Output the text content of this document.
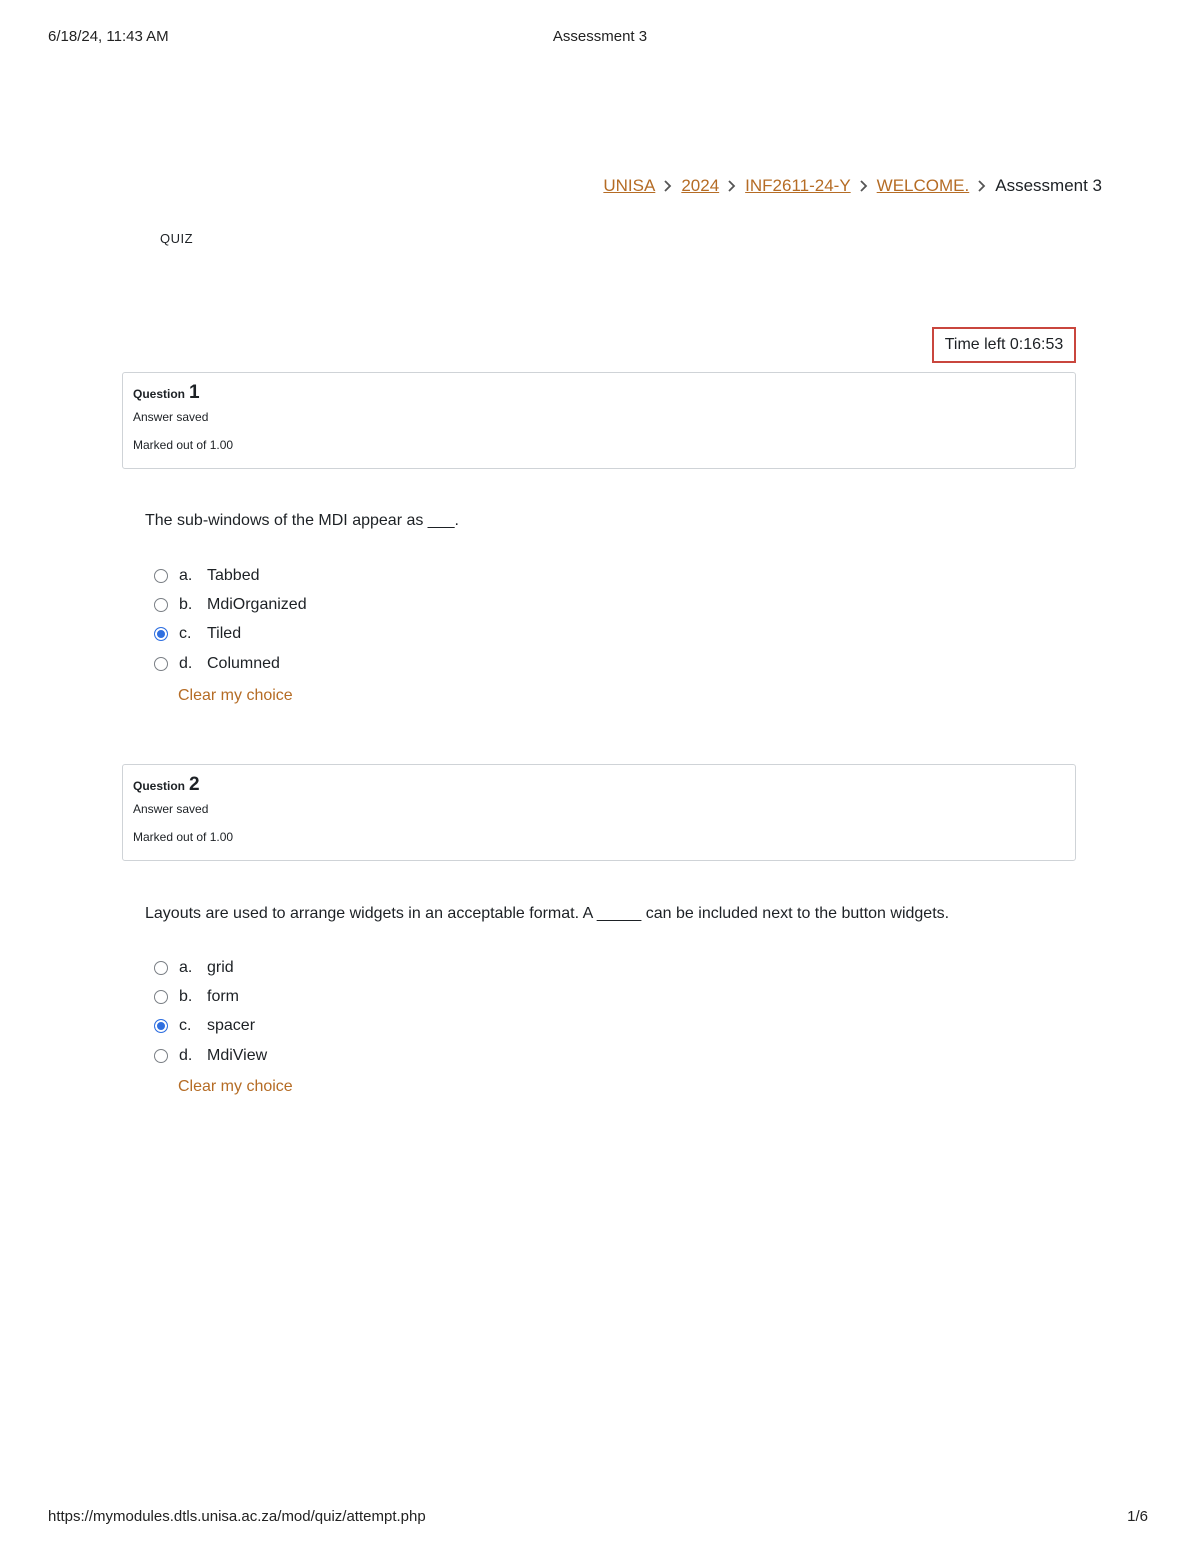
6/18/24, 11:43 AM	Assessment 3
UNISA 2024 INF2611-24-Y WELCOME. Assessment 3
QUIZ
Time left 0:16:53
Question 1
Answer saved
Marked out of 1.00
The sub-windows of the MDI appear as ___.
a. Tabbed
b. MdiOrganized
c. Tiled
d. Columned
Clear my choice
Question 2
Answer saved
Marked out of 1.00
Layouts are used to arrange widgets in an acceptable format. A _____ can be included next to the button widgets.
a. grid
b. form
c. spacer
d. MdiView
Clear my choice
https://mymodules.dtls.unisa.ac.za/mod/quiz/attempt.php	1/6
